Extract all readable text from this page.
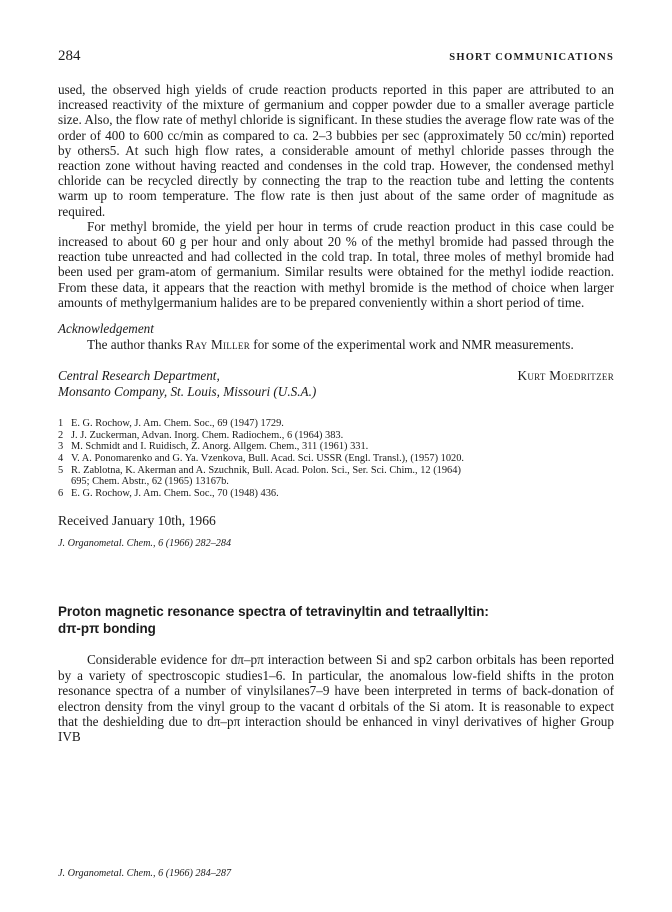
284	SHORT COMMUNICATIONS

used, the observed high yields of crude reaction products reported in this paper are attributed to an increased reactivity of the mixture of germanium and copper powder due to a smaller average particle size. Also, the flow rate of methyl chloride is significant. In these studies the average flow rate was of the order of 400 to 600 cc/min as compared to ca. 2–3 bubbies per sec (approximately 50 cc/min) reported by others5. At such high flow rates, a considerable amount of methyl chloride passes through the reaction zone without having reacted and condenses in the cold trap. However, the condensed methyl chloride can be recycled directly by connecting the trap to the reaction tube and letting the contents warm up to room temperature. The flow rate is then just about of the same order of magnitude as required.

For methyl bromide, the yield per hour in terms of crude reaction product in this case could be increased to about 60 g per hour and only about 20 % of the methyl bromide had passed through the reaction tube unreacted and had collected in the cold trap. In total, three moles of methyl bromide had been used per gram-atom of germanium. Similar results were obtained for the methyl iodide reaction. From these data, it appears that the reaction with methyl bromide is the method of choice when larger amounts of methylgermanium halides are to be prepared conveniently within a short period of time.

Acknowledgement
The author thanks Ray Miller for some of the experimental work and NMR measurements.
Central Research Department,
Monsanto Company, St. Louis, Missouri (U.S.A.)
Kurt Moedritzer
1 E. G. Rochow, J. Am. Chem. Soc., 69 (1947) 1729.
2 J. J. Zuckerman, Advan. Inorg. Chem. Radiochem., 6 (1964) 383.
3 M. Schmidt and I. Ruidisch, Z. Anorg. Allgem. Chem., 311 (1961) 331.
4 V. A. Ponomarenko and G. Ya. Vzenkova, Bull. Acad. Sci. USSR (Engl. Transl.), (1957) 1020.
5 R. Zablotna, K. Akerman and A. Szuchnik, Bull. Acad. Polon. Sci., Ser. Sci. Chim., 12 (1964)
695; Chem. Abstr., 62 (1965) 13167b.
6 E. G. Rochow, J. Am. Chem. Soc., 70 (1948) 436.
Received January 10th, 1966
J. Organometal. Chem., 6 (1966) 282–284
Proton magnetic resonance spectra of tetravinyltin and tetraallyltin:
dπ-pπ bonding

Considerable evidence for dπ–pπ interaction between Si and sp2 carbon orbitals has been reported by a variety of spectroscopic studies1–6. In particular, the anomalous low-field shifts in the proton resonance spectra of a number of vinylsilanes7–9 have been interpreted in terms of back-donation of electron density from the vinyl group to the vacant d orbitals of the Si atom. It is reasonable to expect that the deshielding due to dπ–pπ interaction should be enhanced in vinyl derivatives of higher Group IVB

J. Organometal. Chem., 6 (1966) 284–287
